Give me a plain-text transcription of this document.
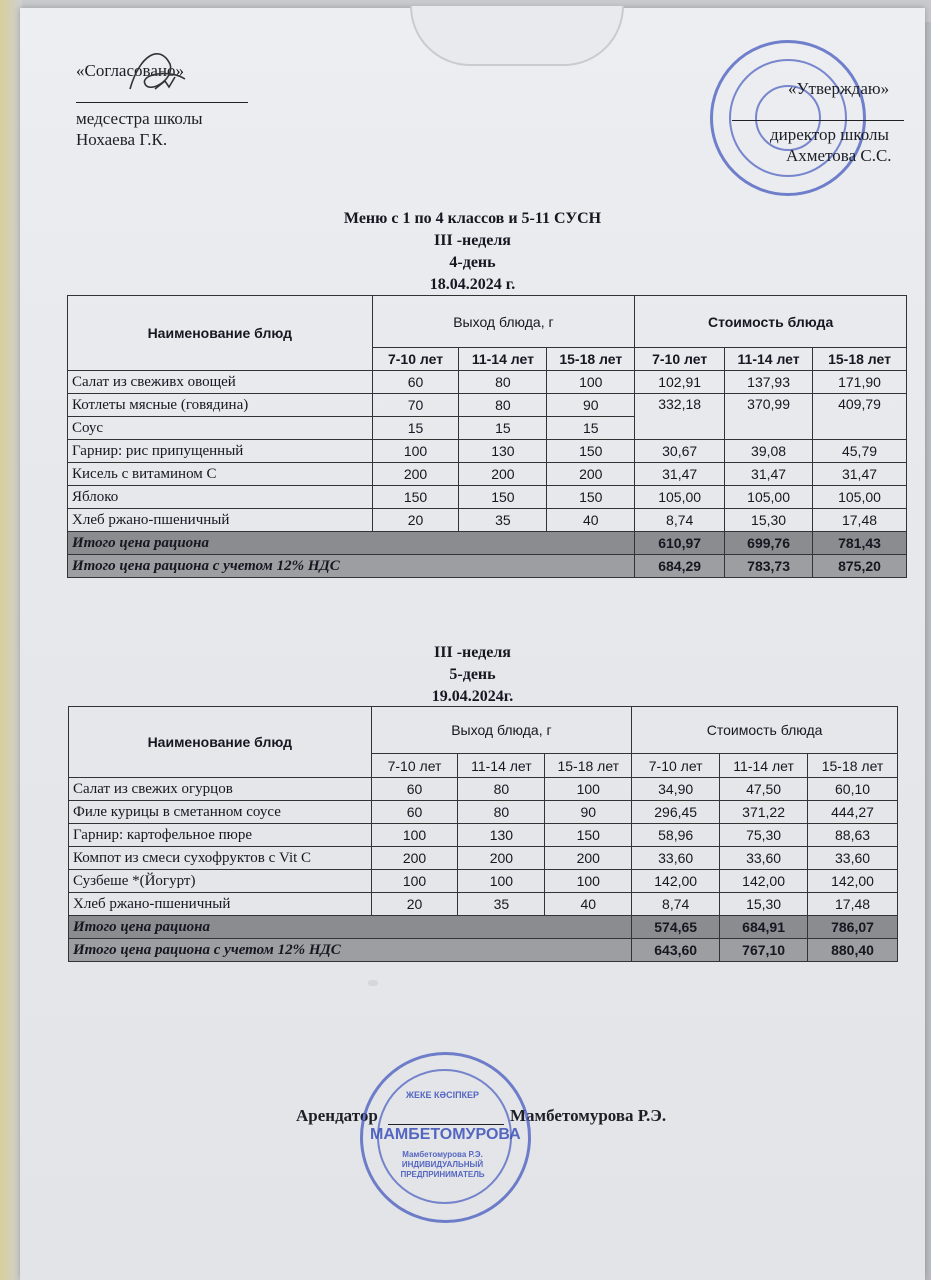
«Согласовано»
медсестра школы
Нохаева Г.К.
«Утверждаю»
директор школы
Ахметова С.С.
Меню с 1 по 4 классов и 5-11 СУСН
III -неделя
4-день
18.04.2024 г.
Наименование блюд	Выход блюда, г			Стоимость блюда		
	7-10 лет	11-14 лет	15-18 лет	7-10 лет	11-14 лет	15-18 лет
Салат из свеживх овощей	60	80	100	102,91	137,93	171,90
Котлеты мясные (говядина)	70	80	90	332,18	370,99	409,79
Соус	15	15	15			
Гарнир: рис припущенный	100	130	150	30,67	39,08	45,79
Кисель с витамином С	200	200	200	31,47	31,47	31,47
Яблоко	150	150	150	105,00	105,00	105,00
Хлеб ржано-пшеничный	20	35	40	8,74	15,30	17,48
Итого цена рациона				610,97	699,76	781,43
Итого цена рациона с учетом 12% НДС				684,29	783,73	875,20
III -неделя
5-день
19.04.2024г.
Наименование блюд	Выход блюда, г			Стоимость блюда		
	7-10 лет	11-14 лет	15-18 лет	7-10 лет	11-14 лет	15-18 лет
Салат из свежих огурцов	60	80	100	34,90	47,50	60,10
Филе курицы в сметанном соусе	60	80	90	296,45	371,22	444,27
Гарнир: картофельное пюре	100	130	150	58,96	75,30	88,63
Компот из смеси сухофруктов с Vit C	200	200	200	33,60	33,60	33,60
Сузбеше *(Йогурт)	100	100	100	142,00	142,00	142,00
Хлеб ржано-пшеничный	20	35	40	8,74	15,30	17,48
Итого цена рациона				574,65	684,91	786,07
Итого цена рациона с учетом 12% НДС				643,60	767,10	880,40
Арендатор	Мамбетомурова Р.Э.
ЖЕКЕ КӘСІПКЕР
МАМБЕТОМУРОВА
Мамбетомурова Р.Э. ИНДИВИДУАЛЬНЫЙ ПРЕДПРИНИМАТЕЛЬ
